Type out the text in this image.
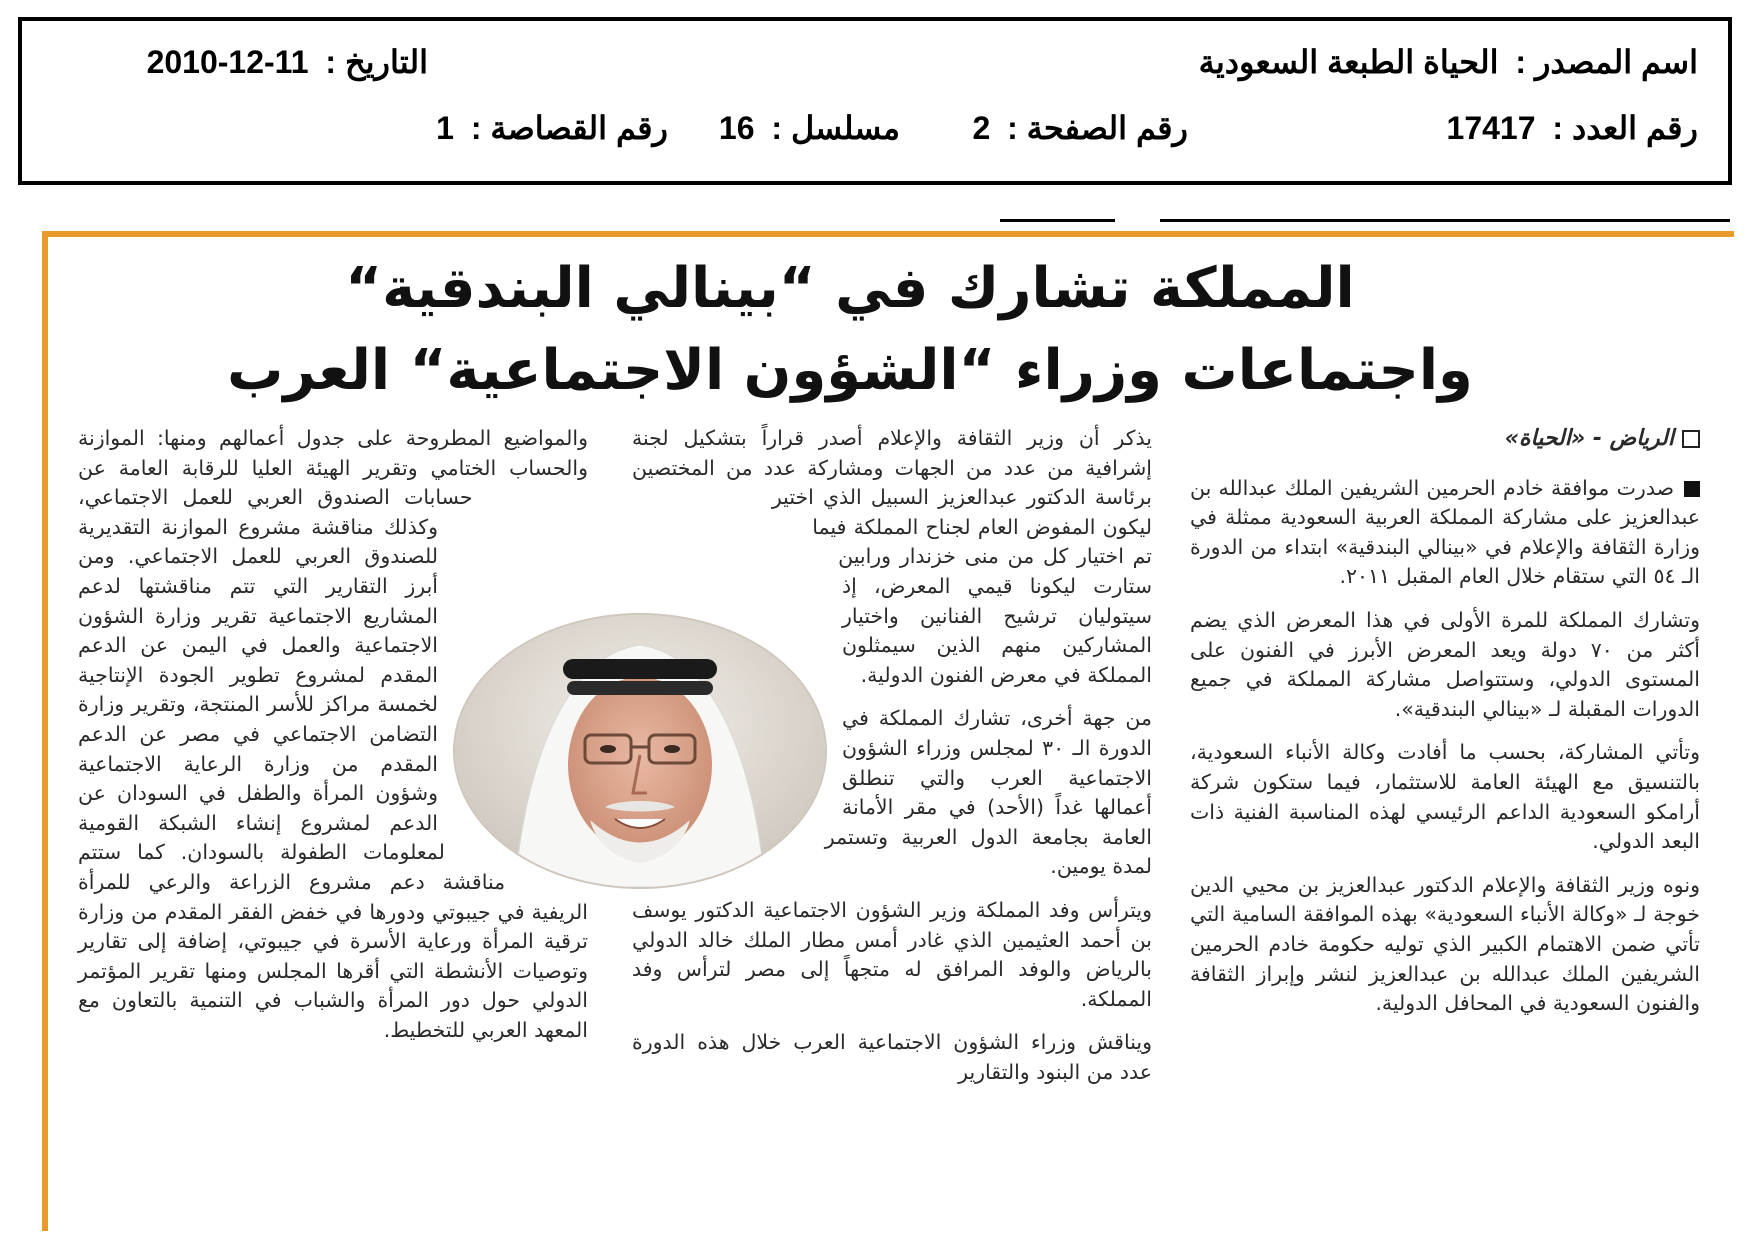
اسم المصدر : الحياة الطبعة السعودية
التاريخ : 11-12-2010
رقم العدد : 17417
رقم الصفحة : 2
مسلسل : 16
رقم القصاصة : 1
المملكة تشارك في “بينالي البندقية“
واجتماعات وزراء “الشؤون الاجتماعية“ العرب
الرياض - «الحياة»

صدرت موافقة خادم الحرمين الشريفين الملك عبدالله بن عبدالعزيز على مشاركة المملكة العربية السعودية ممثلة في وزارة الثقافة والإعلام في «بينالي البندقية» ابتداء من الدورة الـ ٥٤ التي ستقام خلال العام المقبل ٢٠١١.

وتشارك المملكة للمرة الأولى في هذا المعرض الذي يضم أكثر من ٧٠ دولة ويعد المعرض الأبرز في الفنون على المستوى الدولي، وستتواصل مشاركة المملكة في جميع الدورات المقبلة لـ «بينالي البندقية».

وتأتي المشاركة، بحسب ما أفادت وكالة الأنباء السعودية، بالتنسيق مع الهيئة العامة للاستثمار، فيما ستكون شركة أرامكو السعودية الداعم الرئيسي لهذه المناسبة الفنية ذات البعد الدولي.

ونوه وزير الثقافة والإعلام الدكتور عبدالعزيز بن محيي الدين خوجة لـ «وكالة الأنباء السعودية» بهذه الموافقة السامية التي تأتي ضمن الاهتمام الكبير الذي توليه حكومة خادم الحرمين الشريفين الملك عبدالله بن عبدالعزيز لنشر وإبراز الثقافة والفنون السعودية في المحافل الدولية.

يذكر أن وزير الثقافة والإعلام أصدر قراراً بتشكيل لجنة إشرافية من عدد من الجهات ومشاركة عدد من المختصين برئاسة الدكتور عبدالعزيز السبيل الذي اختير ليكون المفوض العام لجناح المملكة فيما تم اختيار كل من منى خزندار ورابين ستارت ليكونا قيمي المعرض، إذ سيتوليان ترشيح الفنانين واختيار المشاركين منهم الذين سيمثلون المملكة في معرض الفنون الدولية.

من جهة أخرى، تشارك المملكة في الدورة الـ ٣٠ لمجلس وزراء الشؤون الاجتماعية العرب والتي تنطلق أعمالها غداً (الأحد) في مقر الأمانة العامة بجامعة الدول العربية وتستمر لمدة يومين.

ويترأس وفد المملكة وزير الشؤون الاجتماعية الدكتور يوسف بن أحمد العثيمين الذي غادر أمس مطار الملك خالد الدولي بالرياض والوفد المرافق له متجهاً إلى مصر لترأس وفد المملكة.

ويناقش وزراء الشؤون الاجتماعية العرب خلال هذه الدورة عدد من البنود والتقارير

والمواضيع المطروحة على جدول أعمالهم ومنها: الموازنة والحساب الختامي وتقرير الهيئة العليا للرقابة العامة عن حسابات الصندوق العربي للعمل الاجتماعي، وكذلك مناقشة مشروع الموازنة التقديرية للصندوق العربي للعمل الاجتماعي. ومن أبرز التقارير التي تتم مناقشتها لدعم المشاريع الاجتماعية تقرير وزارة الشؤون الاجتماعية والعمل في اليمن عن الدعم المقدم لمشروع تطوير الجودة الإنتاجية لخمسة مراكز للأسر المنتجة، وتقرير وزارة التضامن الاجتماعي في مصر عن الدعم المقدم من وزارة الرعاية الاجتماعية وشؤون المرأة والطفل في السودان عن الدعم لمشروع إنشاء الشبكة القومية لمعلومات الطفولة بالسودان. كما ستتم مناقشة دعم مشروع الزراعة والرعي للمرأة الريفية في جيبوتي ودورها في خفض الفقر المقدم من وزارة ترقية المرأة ورعاية الأسرة في جيبوتي، إضافة إلى تقارير وتوصيات الأنشطة التي أقرها المجلس ومنها تقرير المؤتمر الدولي حول دور المرأة والشباب في التنمية بالتعاون مع المعهد العربي للتخطيط.
